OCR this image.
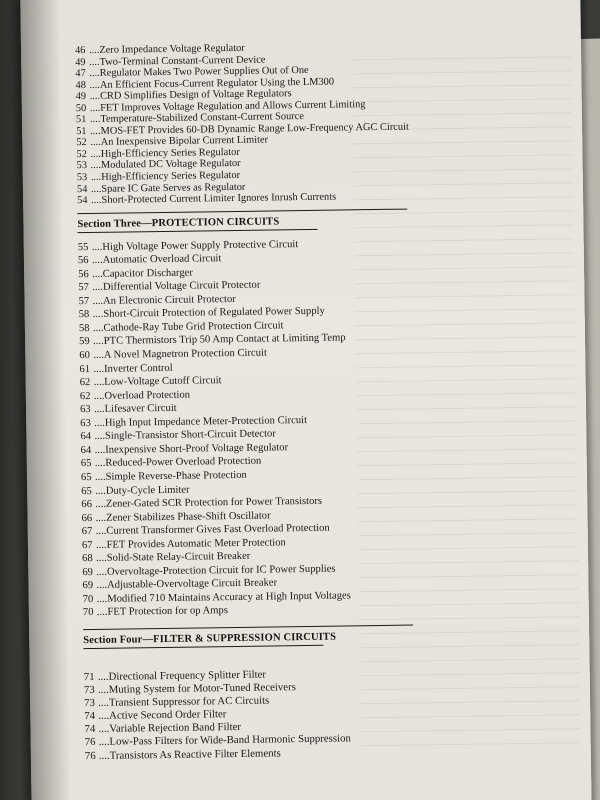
46 ....Zero Impedance Voltage Regulator
49 ....Two-Terminal Constant-Current Device
47 ....Regulator Makes Two Power Supplies Out of One
48 ....An Efficient Focus-Current Regulator Using the LM300
49 ....CRD Simplifies Design of Voltage Regulators
50 ....FET Improves Voltage Regulation and Allows Current Limiting
51 ....Temperature-Stabilized Constant-Current Source
51 ....MOS-FET Provides 60-DB Dynamic Range Low-Frequency AGC Circuit
52 ....An Inexpensive Bipolar Current Limiter
52 ....High-Efficiency Series Regulator
53 ....Modulated DC Voltage Regulator
53 ....High-Efficiency Series Regulator
54 ....Spare IC Gate Serves as Regulator
54 ....Short-Protected Current Limiter Ignores Inrush Currents
Section Three—PROTECTION CIRCUITS
55 ....High Voltage Power Supply Protective Circuit
56 ....Automatic Overload Circuit
56 ....Capacitor Discharger
57 ....Differential Voltage Circuit Protector
57 ....An Electronic Circuit Protector
58 ....Short-Circuit Protection of Regulated Power Supply
58 ....Cathode-Ray Tube Grid Protection Circuit
59 ....PTC Thermistors Trip 50 Amp Contact at Limiting Temp
60 ....A Novel Magnetron Protection Circuit
61 ....Inverter Control
62 ....Low-Voltage Cutoff Circuit
62 ....Overload Protection
63 ....Lifesaver Circuit
63 ....High Input Impedance Meter-Protection Circuit
64 ....Single-Transistor Short-Circuit Detector
64 ....Inexpensive Short-Proof Voltage Regulator
65 ....Reduced-Power Overload Protection
65 ....Simple Reverse-Phase Protection
65 ....Duty-Cycle Limiter
66 ....Zener-Gated SCR Protection for Power Transistors
66 ....Zener Stabilizes Phase-Shift Oscillator
67 ....Current Transformer Gives Fast Overload Protection
67 ....FET Provides Automatic Meter Protection
68 ....Solid-State Relay-Circuit Breaker
69 ....Overvoltage-Protection Circuit for IC Power Supplies
69 ....Adjustable-Overvoltage Circuit Breaker
70 ....Modified 710 Maintains Accuracy at High Input Voltages
70 ....FET Protection for op Amps
Section Four—FILTER & SUPPRESSION CIRCUITS
71 ....Directional Frequency Splitter Filter
73 ....Muting System for Motor-Tuned Receivers
73 ....Transient Suppressor for AC Circuits
74 ....Active Second Order Filter
74 ....Variable Rejection Band Filter
76 ....Low-Pass Filters for Wide-Band Harmonic Suppression
76 ....Transistors As Reactive Filter Elements
